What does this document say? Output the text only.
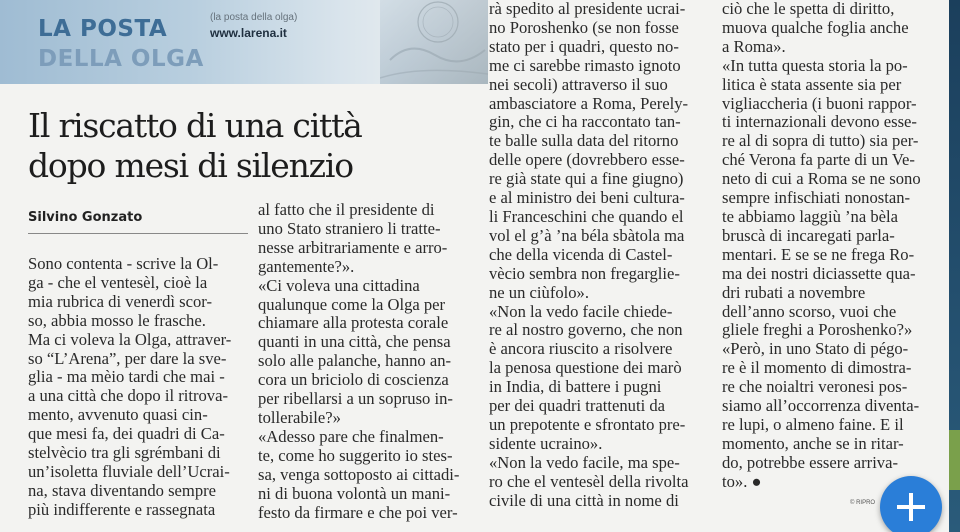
LA POSTA
DELLA OLGA
(la posta della olga)
www.larena.it
Il riscatto di una città
dopo mesi di silenzio
Silvino Gonzato
Sono contenta - scrive la Ol-
ga - che el ventesèl, cioè la
mia rubrica di venerdì scor-
so, abbia mosso le frasche.
Ma ci voleva la Olga, attraver-
so “L’Arena”, per dare la sve-
glia - ma mèio tardi che mai -
a una città che dopo il ritrova-
mento, avvenuto quasi cin-
que mesi fa, dei quadri di Ca-
stelvècio tra gli sgrémbani di
un’isoletta fluviale dell’Ucrai-
na, stava diventando sempre
più indifferente e rassegnata
al fatto che il presidente di
uno Stato straniero li tratte-
nesse arbitrariamente e arro-
gantemente?».
«Ci voleva una cittadina
qualunque come la Olga per
chiamare alla protesta corale
quanti in una città, che pensa
solo alle palanche, hanno an-
cora un briciolo di coscienza
per ribellarsi a un sopruso in-
tollerabile?»
«Adesso pare che finalmen-
te, come ho suggerito io stes-
sa, venga sottoposto ai cittadi-
ni di buona volontà un mani-
festo da firmare e che poi ver-
rà spedito al presidente ucrai-
no Poroshenko (se non fosse
stato per i quadri, questo no-
me ci sarebbe rimasto ignoto
nei secoli) attraverso il suo
ambasciatore a Roma, Perely-
gin, che ci ha raccontato tan-
te balle sulla data del ritorno
delle opere (dovrebbero esse-
re già state qui a fine giugno)
e al ministro dei beni cultura-
li Franceschini che quando el
vol el g’à ’na béla sbàtola ma
che della vicenda di Castel-
vècio sembra non fregarglie-
ne un ciùfolo».
«Non la vedo facile chiede-
re al nostro governo, che non
è ancora riuscito a risolvere
la penosa questione dei marò
in India, di battere i pugni
per dei quadri trattenuti da
un prepotente e sfrontato pre-
sidente ucraino».
«Non la vedo facile, ma spe-
ro che el ventesèl della rivolta
civile di una città in nome di
ciò che le spetta di diritto,
muova qualche foglia anche
a Roma».
«In tutta questa storia la po-
litica è stata assente sia per
vigliaccheria (i buoni rappor-
ti internazionali devono esse-
re al di sopra di tutto) sia per-
ché Verona fa parte di un Ve-
neto di cui a Roma se ne sono
sempre infischiati nonostan-
te abbiamo laggiù ’na bèla
bruscà di incaregati parla-
mentari. E se se ne frega Ro-
ma dei nostri diciassette qua-
dri rubati a novembre
dell’anno scorso, vuoi che
gliele freghi a Poroshenko?»
«Però, in uno Stato di pégo-
re è il momento di dimostra-
re che noialtri veronesi pos-
siamo all’occorrenza diventa-
re lupi, o almeno faine. E il
momento, anche se in ritar-
do, potrebbe essere arriva-
to». ●
© RIPRO
